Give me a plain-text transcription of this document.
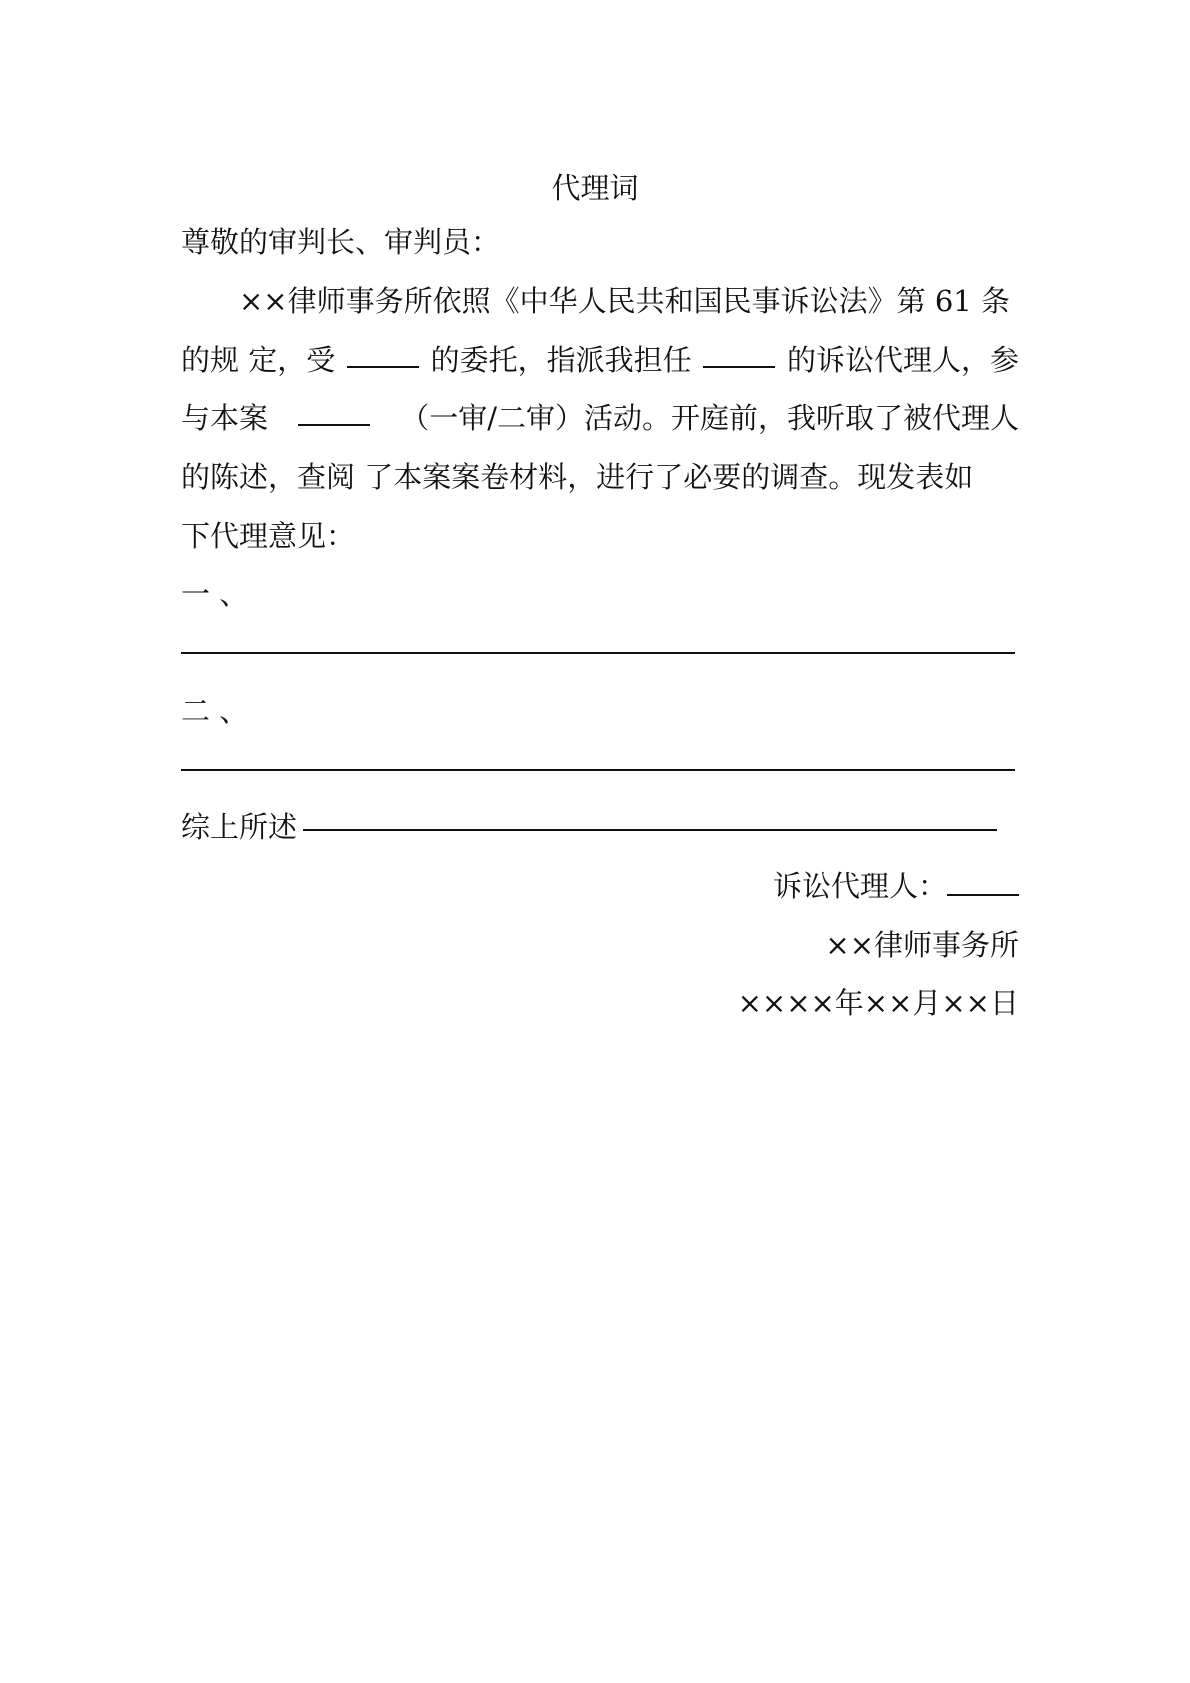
代理词
尊敬的审判长、审判员：
××律师事务所依照《中华人民共和国民事诉讼法》第 61 条
的规 定，受	的委托，指派我担任	的诉讼代理人，参
与本案	（一审/二审）活动。开庭前，我听取了被代理人
的陈述，查阅 了本案案卷材料，进行了必要的调查。现发表如
下代理意见：
一 、
二 、
综上所述
诉讼代理人：
××律师事务所
××××年××月××日
